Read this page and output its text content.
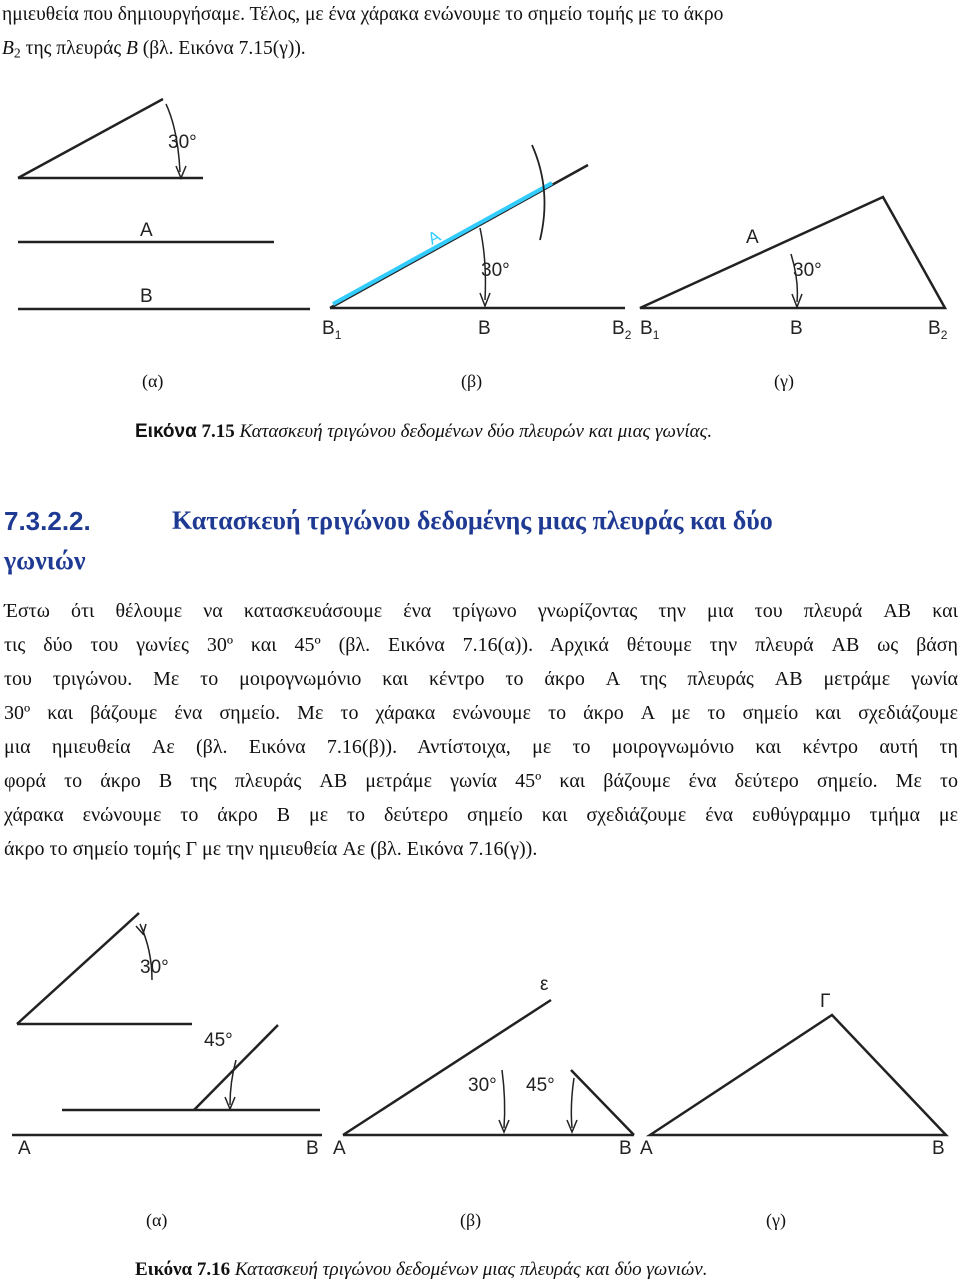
ημιευθεία που δημιουργήσαμε. Τέλος, με ένα χάρακα ενώνουμε το σημείο τομής με το άκρο
$B_2$ της πλευράς B (βλ. Εικόνα 7.15(γ)).
30°
A
B
A
30°
$B_1$	B	$B_2$
A
30°
$B_1$	B	$B_2$
(α)	(β)	(γ)
Εικόνα 7.15 Κατασκευή τριγώνου δεδομένων δύο πλευρών και μιας γωνίας.
7.3.2.2.	Κατασκευή τριγώνου δεδομένης μιας πλευράς και δύο
γωνιών
Έστω ότι θέλουμε να κατασκευάσουμε ένα τρίγωνο γνωρίζοντας την μια του πλευρά AB και
τις δύο του γωνίες 30º και 45º (βλ. Εικόνα 7.16(α)). Αρχικά θέτουμε την πλευρά AB ως βάση
του τριγώνου. Με το μοιρογνωμόνιο και κέντρο το άκρο A της πλευράς AB μετράμε γωνία
30º και βάζουμε ένα σημείο. Με το χάρακα ενώνουμε το άκρο A με το σημείο και σχεδιάζουμε
μια ημιευθεία Aε (βλ. Εικόνα 7.16(β)). Αντίστοιχα, με το μοιρογνωμόνιο και κέντρο αυτή τη
φορά το άκρο B της πλευράς AB μετράμε γωνία 45º και βάζουμε ένα δεύτερο σημείο. Με το
χάρακα ενώνουμε το άκρο B με το δεύτερο σημείο και σχεδιάζουμε ένα ευθύγραμμο τμήμα με
άκρο το σημείο τομής Γ με την ημιευθεία Aε (βλ. Εικόνα 7.16(γ)).
30°
45°
A	B
ε
30° 45°
A	B
Γ
A	B
(α)	(β)	(γ)
Εικόνα 7.16 Κατασκευή τριγώνου δεδομένων μιας πλευράς και δύο γωνιών.
